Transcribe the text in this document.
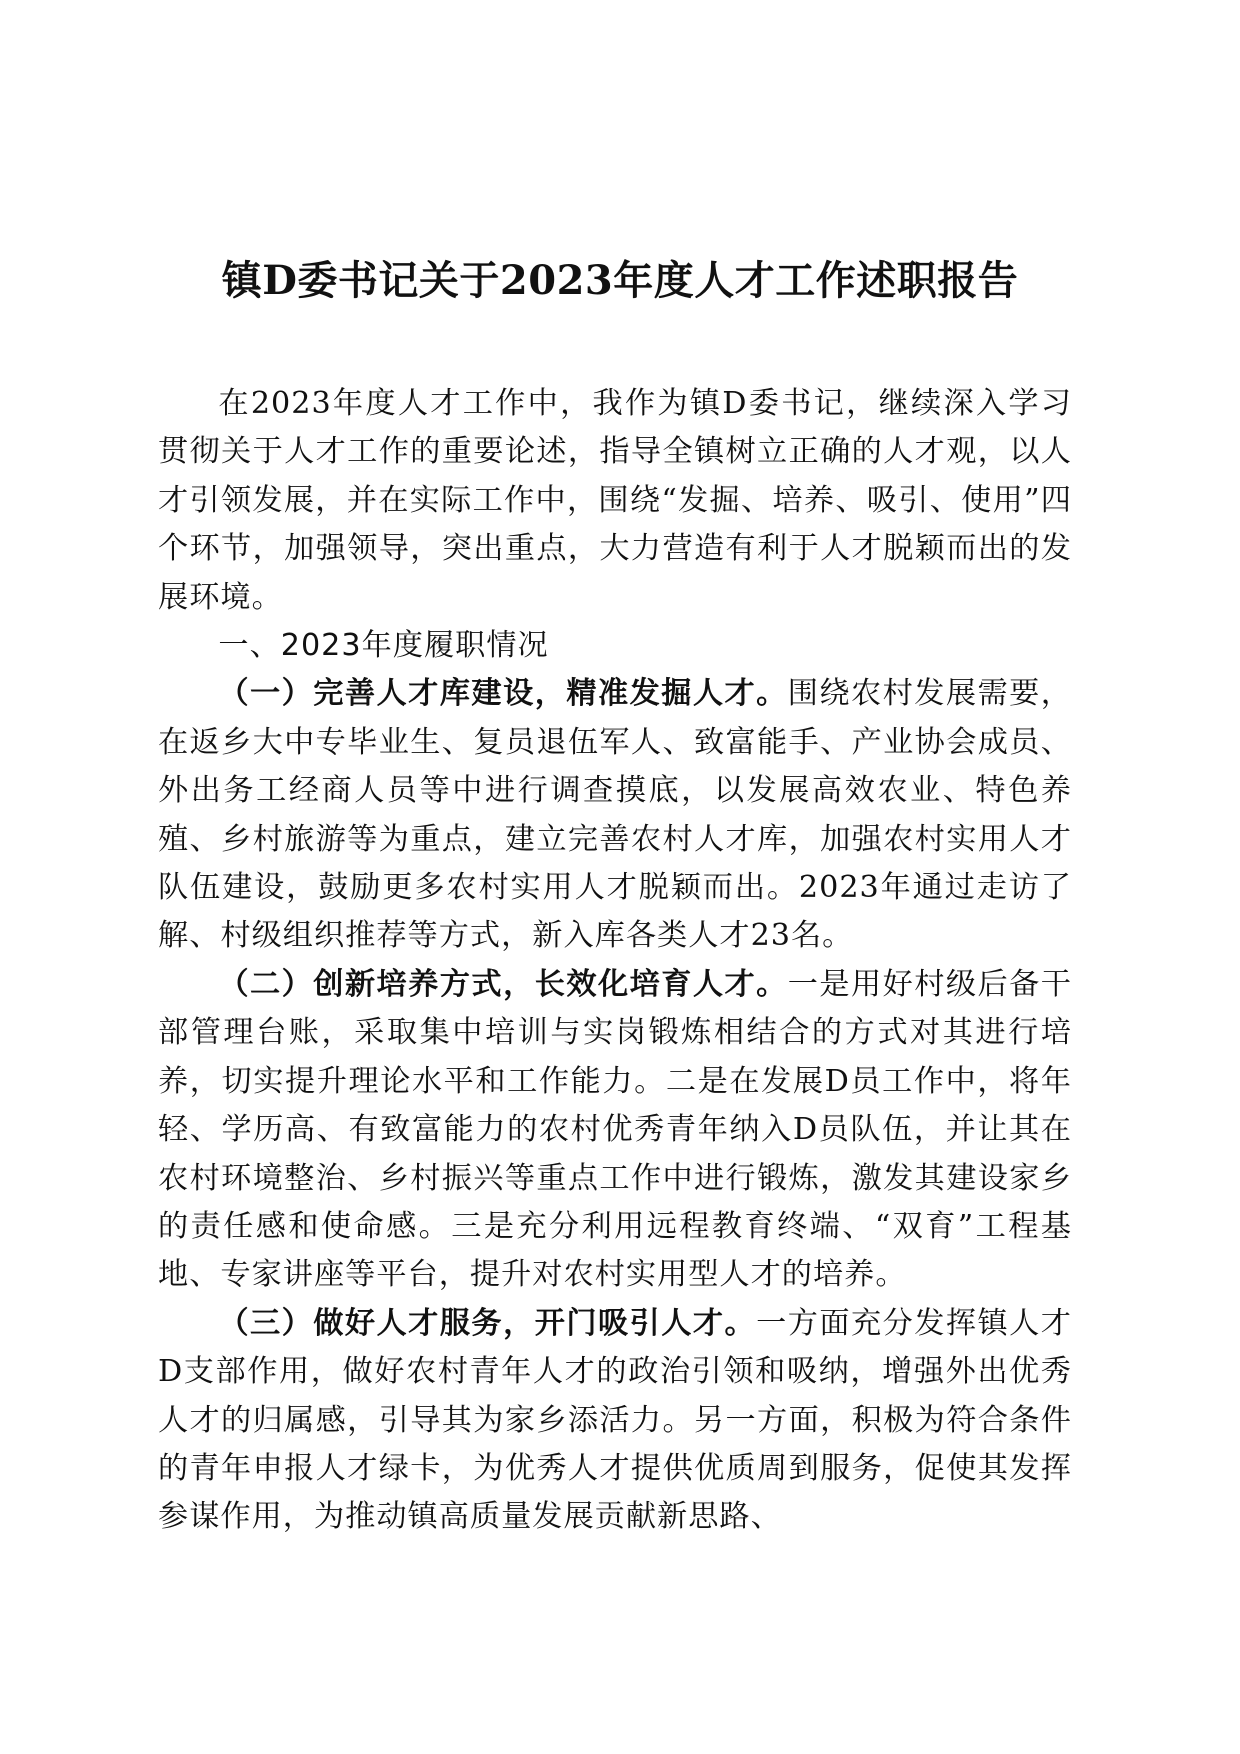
镇D委书记关于2023年度人才工作述职报告

在2023年度人才工作中，我作为镇D委书记，继续深入学习贯彻关于人才工作的重要论述，指导全镇树立正确的人才观，以人才引领发展，并在实际工作中，围绕“发掘、培养、吸引、使用”四个环节，加强领导，突出重点，大力营造有利于人才脱颖而出的发展环境。

一、2023年度履职情况

（一）完善人才库建设，精准发掘人才。围绕农村发展需要，在返乡大中专毕业生、复员退伍军人、致富能手、产业协会成员、外出务工经商人员等中进行调查摸底，以发展高效农业、特色养殖、乡村旅游等为重点，建立完善农村人才库，加强农村实用人才队伍建设，鼓励更多农村实用人才脱颖而出。2023年通过走访了解、村级组织推荐等方式，新入库各类人才23名。

（二）创新培养方式，长效化培育人才。一是用好村级后备干部管理台账，采取集中培训与实岗锻炼相结合的方式对其进行培养，切实提升理论水平和工作能力。二是在发展D员工作中，将年轻、学历高、有致富能力的农村优秀青年纳入D员队伍，并让其在农村环境整治、乡村振兴等重点工作中进行锻炼，激发其建设家乡的责任感和使命感。三是充分利用远程教育终端、“双育”工程基地、专家讲座等平台，提升对农村实用型人才的培养。

（三）做好人才服务，开门吸引人才。一方面充分发挥镇人才D支部作用，做好农村青年人才的政治引领和吸纳，增强外出优秀人才的归属感，引导其为家乡添活力。另一方面，积极为符合条件的青年申报人才绿卡，为优秀人才提供优质周到服务，促使其发挥参谋作用，为推动镇高质量发展贡献新思路、
